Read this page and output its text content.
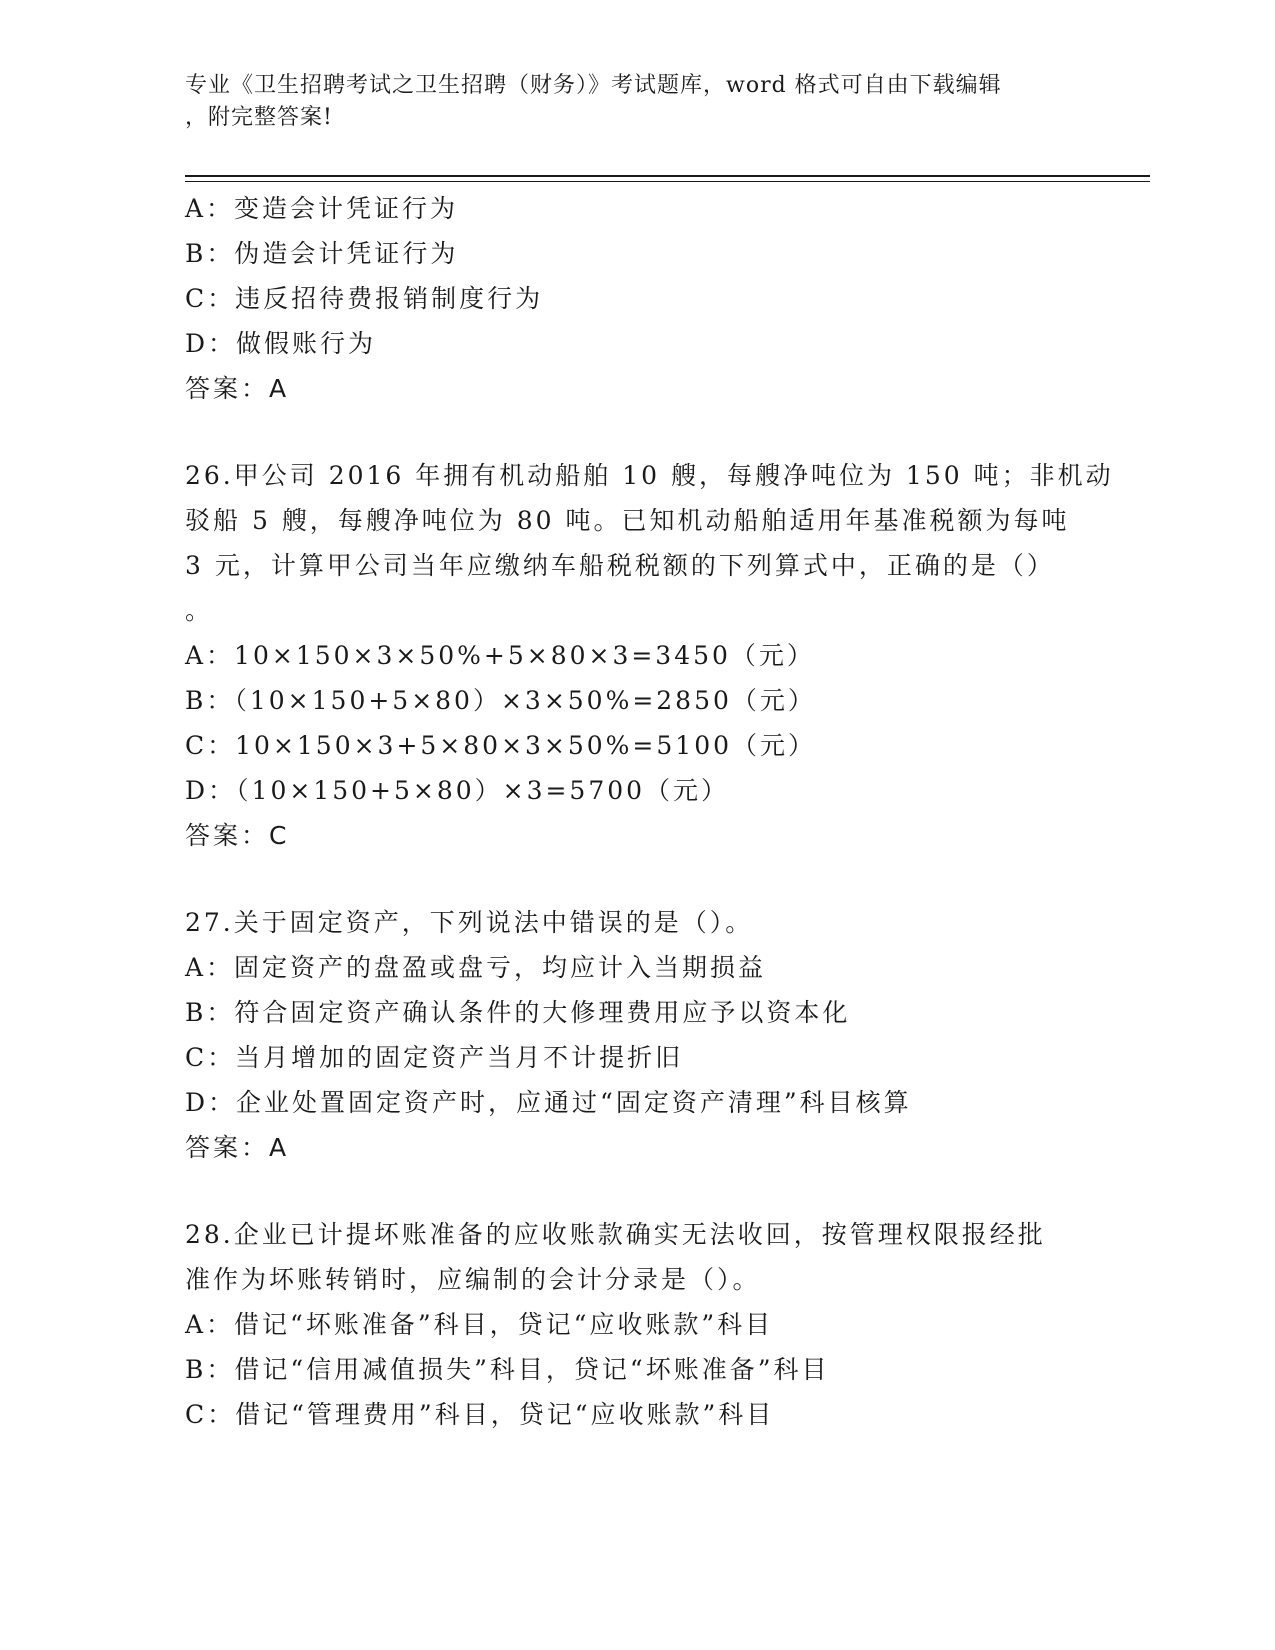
专业《卫生招聘考试之卫生招聘（财务）》考试题库，word 格式可自由下载编辑
，附完整答案!
A：变造会计凭证行为
B：伪造会计凭证行为
C：违反招待费报销制度行为
D：做假账行为
答案：A
26.甲公司 2016 年拥有机动船舶 10 艘，每艘净吨位为 150 吨；非机动
驳船 5 艘，每艘净吨位为 80 吨。已知机动船舶适用年基准税额为每吨
3 元，计算甲公司当年应缴纳车船税税额的下列算式中，正确的是（）
。
A：10×150×3×50%+5×80×3=3450（元）
B：（10×150+5×80）×3×50%=2850（元）
C：10×150×3+5×80×3×50%=5100（元）
D：（10×150+5×80）×3=5700（元）
答案：C
27.关于固定资产，下列说法中错误的是（）。
A：固定资产的盘盈或盘亏，均应计入当期损益
B：符合固定资产确认条件的大修理费用应予以资本化
C：当月增加的固定资产当月不计提折旧
D：企业处置固定资产时，应通过“固定资产清理”科目核算
答案：A
28.企业已计提坏账准备的应收账款确实无法收回，按管理权限报经批
准作为坏账转销时，应编制的会计分录是（）。
A：借记“坏账准备”科目，贷记“应收账款”科目
B：借记“信用减值损失”科目，贷记“坏账准备”科目
C：借记“管理费用”科目，贷记“应收账款”科目
